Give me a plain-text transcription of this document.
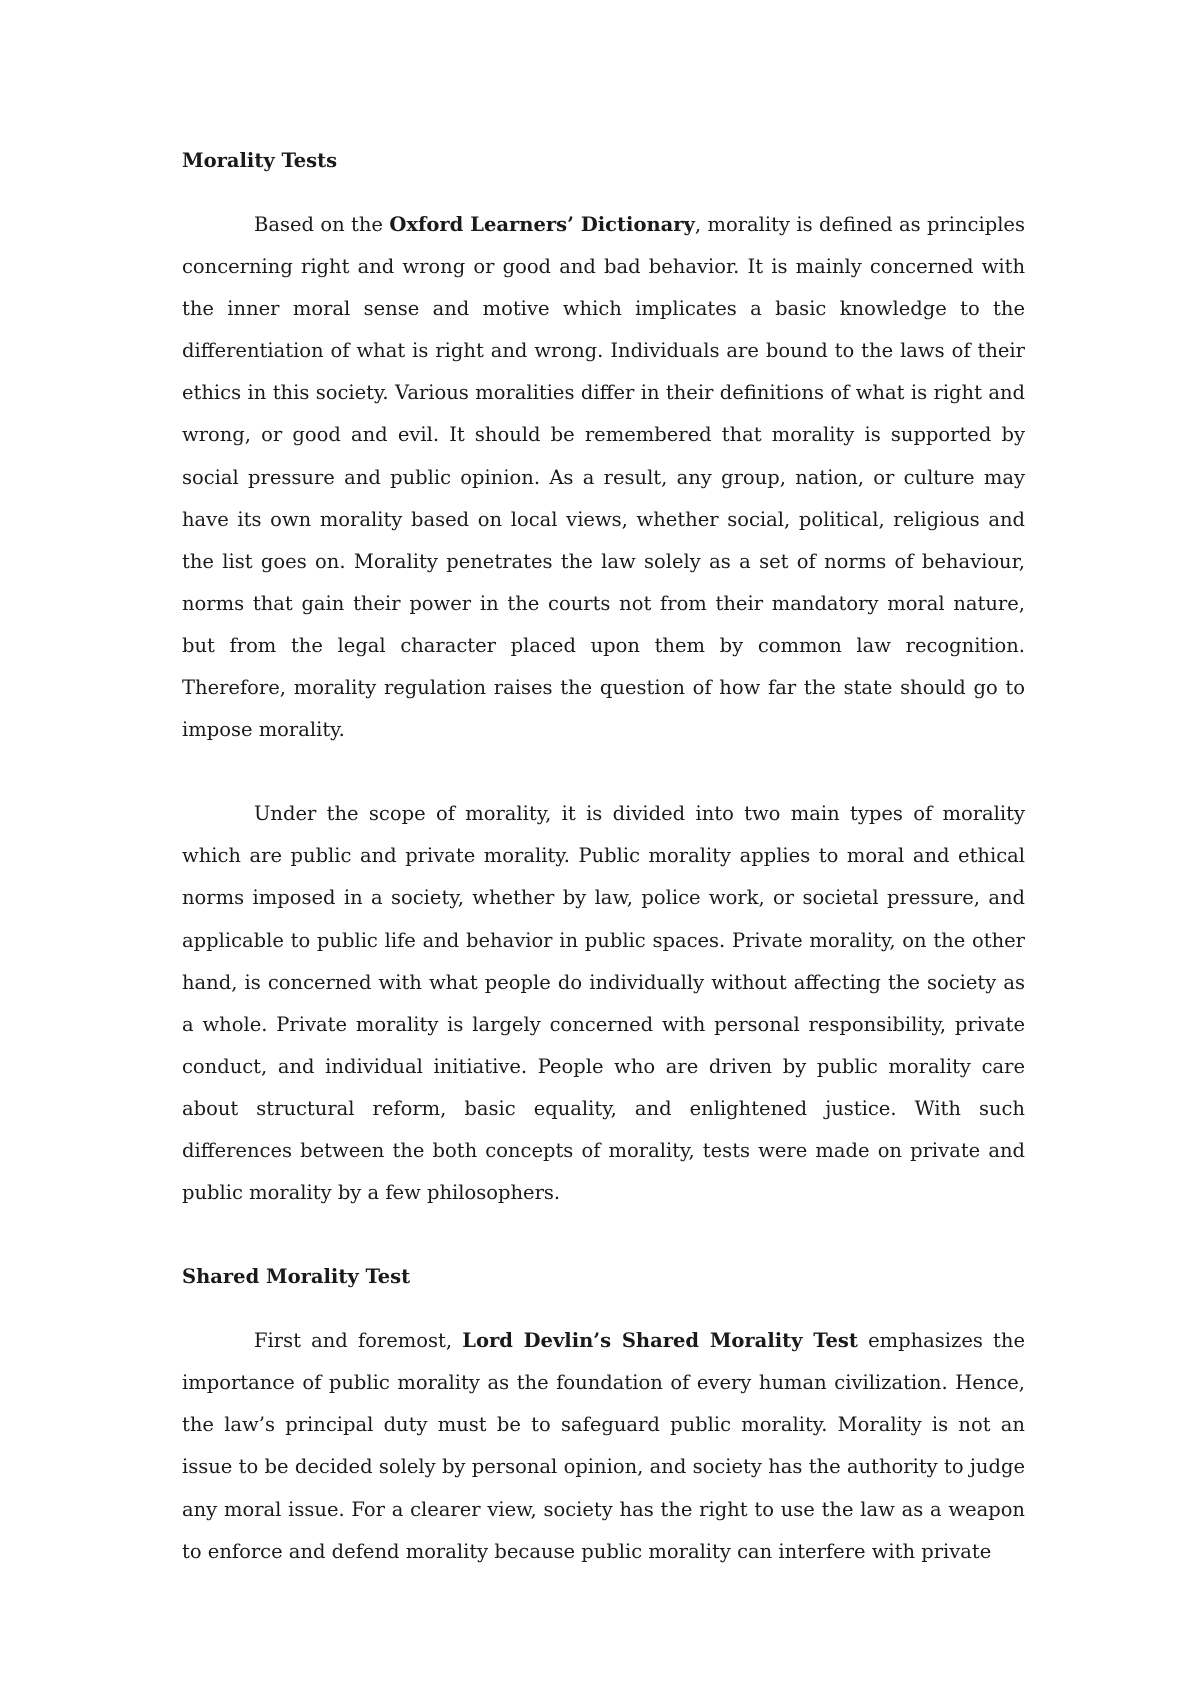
Morality Tests

Based on the Oxford Learners’ Dictionary, morality is defined as principles concerning right and wrong or good and bad behavior. It is mainly concerned with the inner moral sense and motive which implicates a basic knowledge to the differentiation of what is right and wrong. Individuals are bound to the laws of their ethics in this society. Various moralities differ in their definitions of what is right and wrong, or good and evil. It should be remembered that morality is supported by social pressure and public opinion. As a result, any group, nation, or culture may have its own morality based on local views, whether social, political, religious and the list goes on. Morality penetrates the law solely as a set of norms of behaviour, norms that gain their power in the courts not from their mandatory moral nature, but from the legal character placed upon them by common law recognition. Therefore, morality regulation raises the question of how far the state should go to impose morality.

Under the scope of morality, it is divided into two main types of morality which are public and private morality. Public morality applies to moral and ethical norms imposed in a society, whether by law, police work, or societal pressure, and applicable to public life and behavior in public spaces. Private morality, on the other hand, is concerned with what people do individually without affecting the society as a whole. Private morality is largely concerned with personal responsibility, private conduct, and individual initiative. People who are driven by public morality care about structural reform, basic equality, and enlightened justice. With such differences between the both concepts of morality, tests were made on private and public morality by a few philosophers.

Shared Morality Test

First and foremost, Lord Devlin’s Shared Morality Test emphasizes the importance of public morality as the foundation of every human civilization. Hence, the law’s principal duty must be to safeguard public morality. Morality is not an issue to be decided solely by personal opinion, and society has the authority to judge any moral issue. For a clearer view, society has the right to use the law as a weapon to enforce and defend morality because public morality can interfere with private
